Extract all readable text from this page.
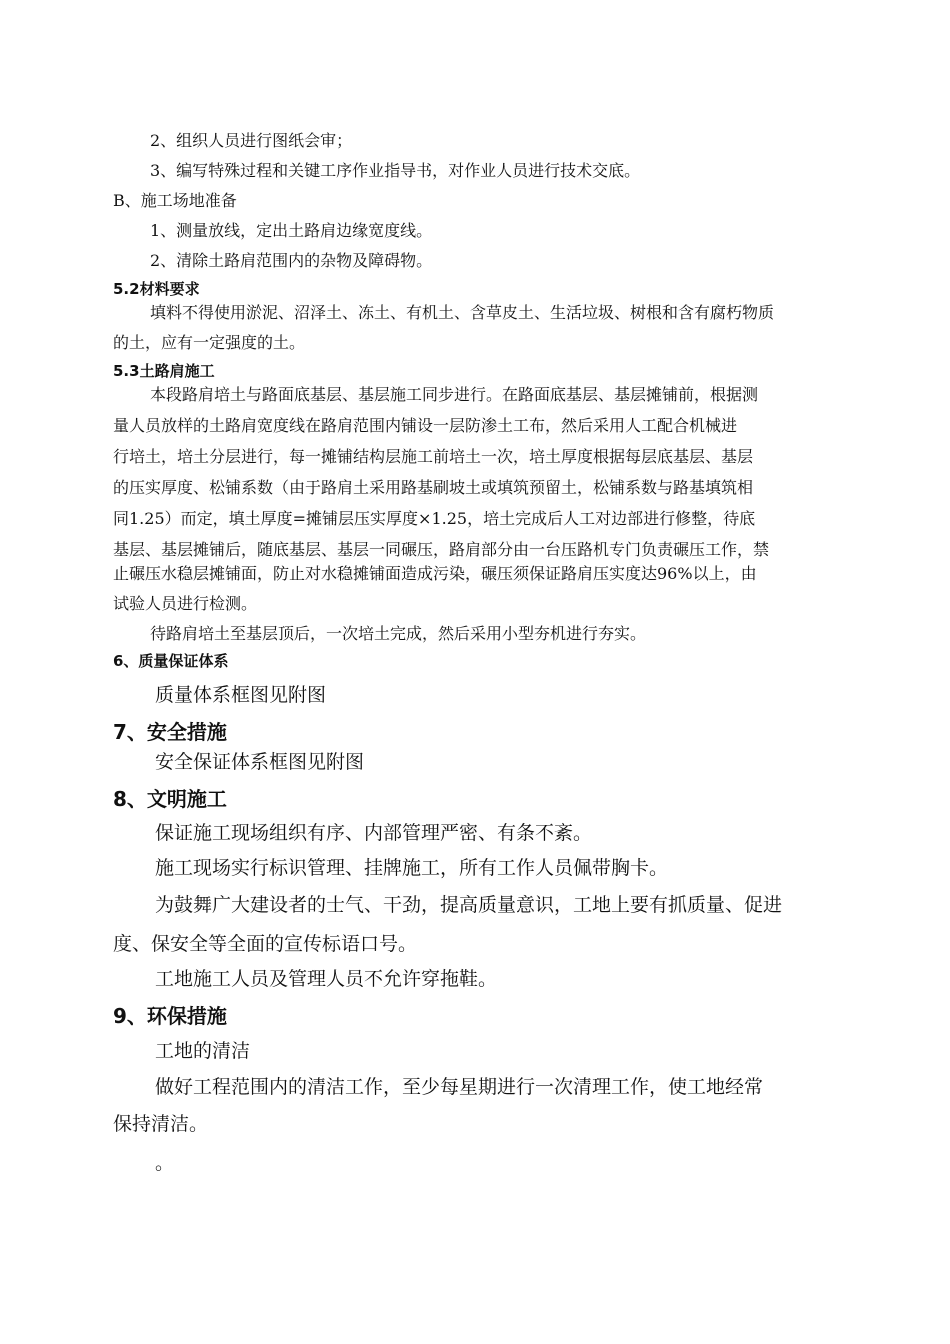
2、组织人员进行图纸会审；
3、编写特殊过程和关键工序作业指导书，对作业人员进行技术交底。
B、施工场地准备
1、测量放线，定出土路肩边缘宽度线。
2、清除土路肩范围内的杂物及障碍物。
5.2材料要求
填料不得使用淤泥、沼泽土、冻土、有机土、含草皮土、生活垃圾、树根和含有腐朽物质
的土，应有一定强度的土。
5.3土路肩施工
本段路肩培土与路面底基层、基层施工同步进行。在路面底基层、基层摊铺前，根据测
量人员放样的土路肩宽度线在路肩范围内铺设一层防渗土工布，然后采用人工配合机械进
行培土，培土分层进行，每一摊铺结构层施工前培土一次，培土厚度根据每层底基层、基层
的压实厚度、松铺系数（由于路肩土采用路基刷坡土或填筑预留土，松铺系数与路基填筑相
同1.25）而定，填土厚度=摊铺层压实厚度×1.25，培土完成后人工对边部进行修整，待底
基层、基层摊铺后，随底基层、基层一同碾压，路肩部分由一台压路机专门负责碾压工作，禁
止碾压水稳层摊铺面，防止对水稳摊铺面造成污染，碾压须保证路肩压实度达96%以上，由
试验人员进行检测。
待路肩培土至基层顶后，一次培土完成，然后采用小型夯机进行夯实。
6、质量保证体系
质量体系框图见附图
7、安全措施
安全保证体系框图见附图
8、文明施工
保证施工现场组织有序、内部管理严密、有条不紊。
施工现场实行标识管理、挂牌施工，所有工作人员佩带胸卡。
为鼓舞广大建设者的士气、干劲，提高质量意识，工地上要有抓质量、促进
度、保安全等全面的宣传标语口号。
工地施工人员及管理人员不允许穿拖鞋。
9、环保措施
工地的清洁
做好工程范围内的清洁工作，至少每星期进行一次清理工作，使工地经常
保持清洁。
。
